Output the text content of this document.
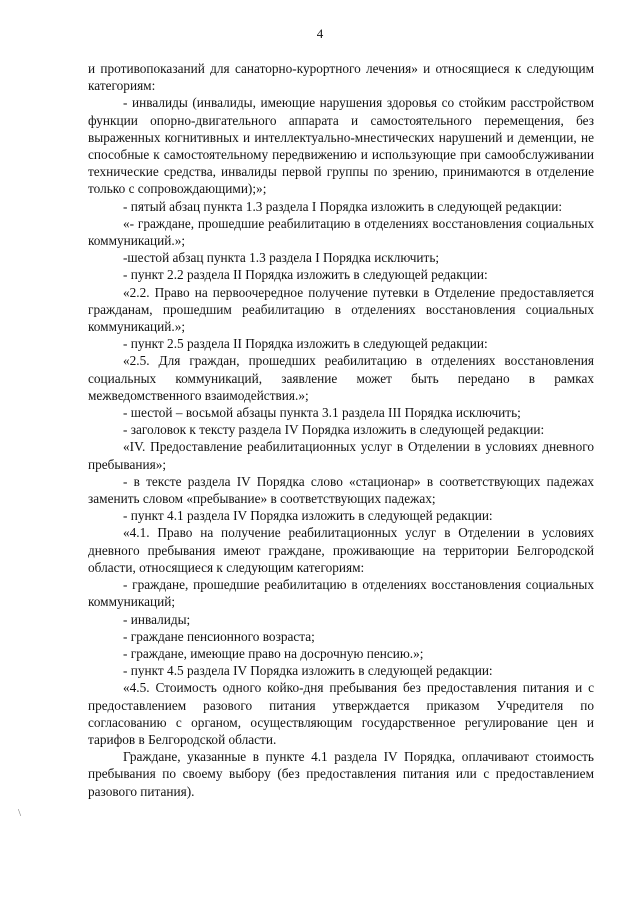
4

и противопоказаний для санаторно-курортного лечения» и относящиеся к следующим категориям:

- инвалиды (инвалиды, имеющие нарушения здоровья со стойким расстройством функции опорно-двигательного аппарата и самостоятельного перемещения, без выраженных когнитивных и интеллектуально-мнестических нарушений и деменции, не способные к самостоятельному передвижению и использующие при самообслуживании технические средства, инвалиды первой группы по зрению, принимаются в отделение только с сопровождающими);»;

- пятый абзац пункта 1.3 раздела I Порядка изложить в следующей редакции:

«- граждане, прошедшие реабилитацию в отделениях восстановления социальных коммуникаций.»;

-шестой абзац пункта 1.3 раздела I Порядка исключить;

- пункт 2.2 раздела II Порядка изложить в следующей редакции:

«2.2. Право на первоочередное получение путевки в Отделение предоставляется гражданам, прошедшим реабилитацию в отделениях восстановления социальных коммуникаций.»;

- пункт 2.5 раздела II Порядка изложить в следующей редакции:

«2.5. Для граждан, прошедших реабилитацию в отделениях восстановления социальных коммуникаций, заявление может быть передано в рамках межведомственного взаимодействия.»;

- шестой – восьмой абзацы пункта 3.1 раздела III Порядка исключить;

- заголовок к тексту раздела IV Порядка изложить в следующей редакции:

«IV. Предоставление реабилитационных услуг в Отделении в условиях дневного пребывания»;

- в тексте раздела IV Порядка слово «стационар» в соответствующих падежах заменить словом «пребывание» в соответствующих падежах;

- пункт 4.1 раздела IV Порядка изложить в следующей редакции:

«4.1. Право на получение реабилитационных услуг в Отделении в условиях дневного пребывания имеют граждане, проживающие на территории Белгородской области, относящиеся к следующим категориям:

- граждане, прошедшие реабилитацию в отделениях восстановления социальных коммуникаций;

- инвалиды;

- граждане пенсионного возраста;

- граждане, имеющие право на досрочную пенсию.»;

- пункт 4.5 раздела IV Порядка изложить в следующей редакции:

«4.5. Стоимость одного койко-дня пребывания без предоставления питания и с предоставлением разового питания утверждается приказом Учредителя по согласованию с органом, осуществляющим государственное регулирование цен и тарифов в Белгородской области.

Граждане, указанные в пункте 4.1 раздела IV Порядка, оплачивают стоимость пребывания по своему выбору (без предоставления питания или с предоставлением разового питания).

\
